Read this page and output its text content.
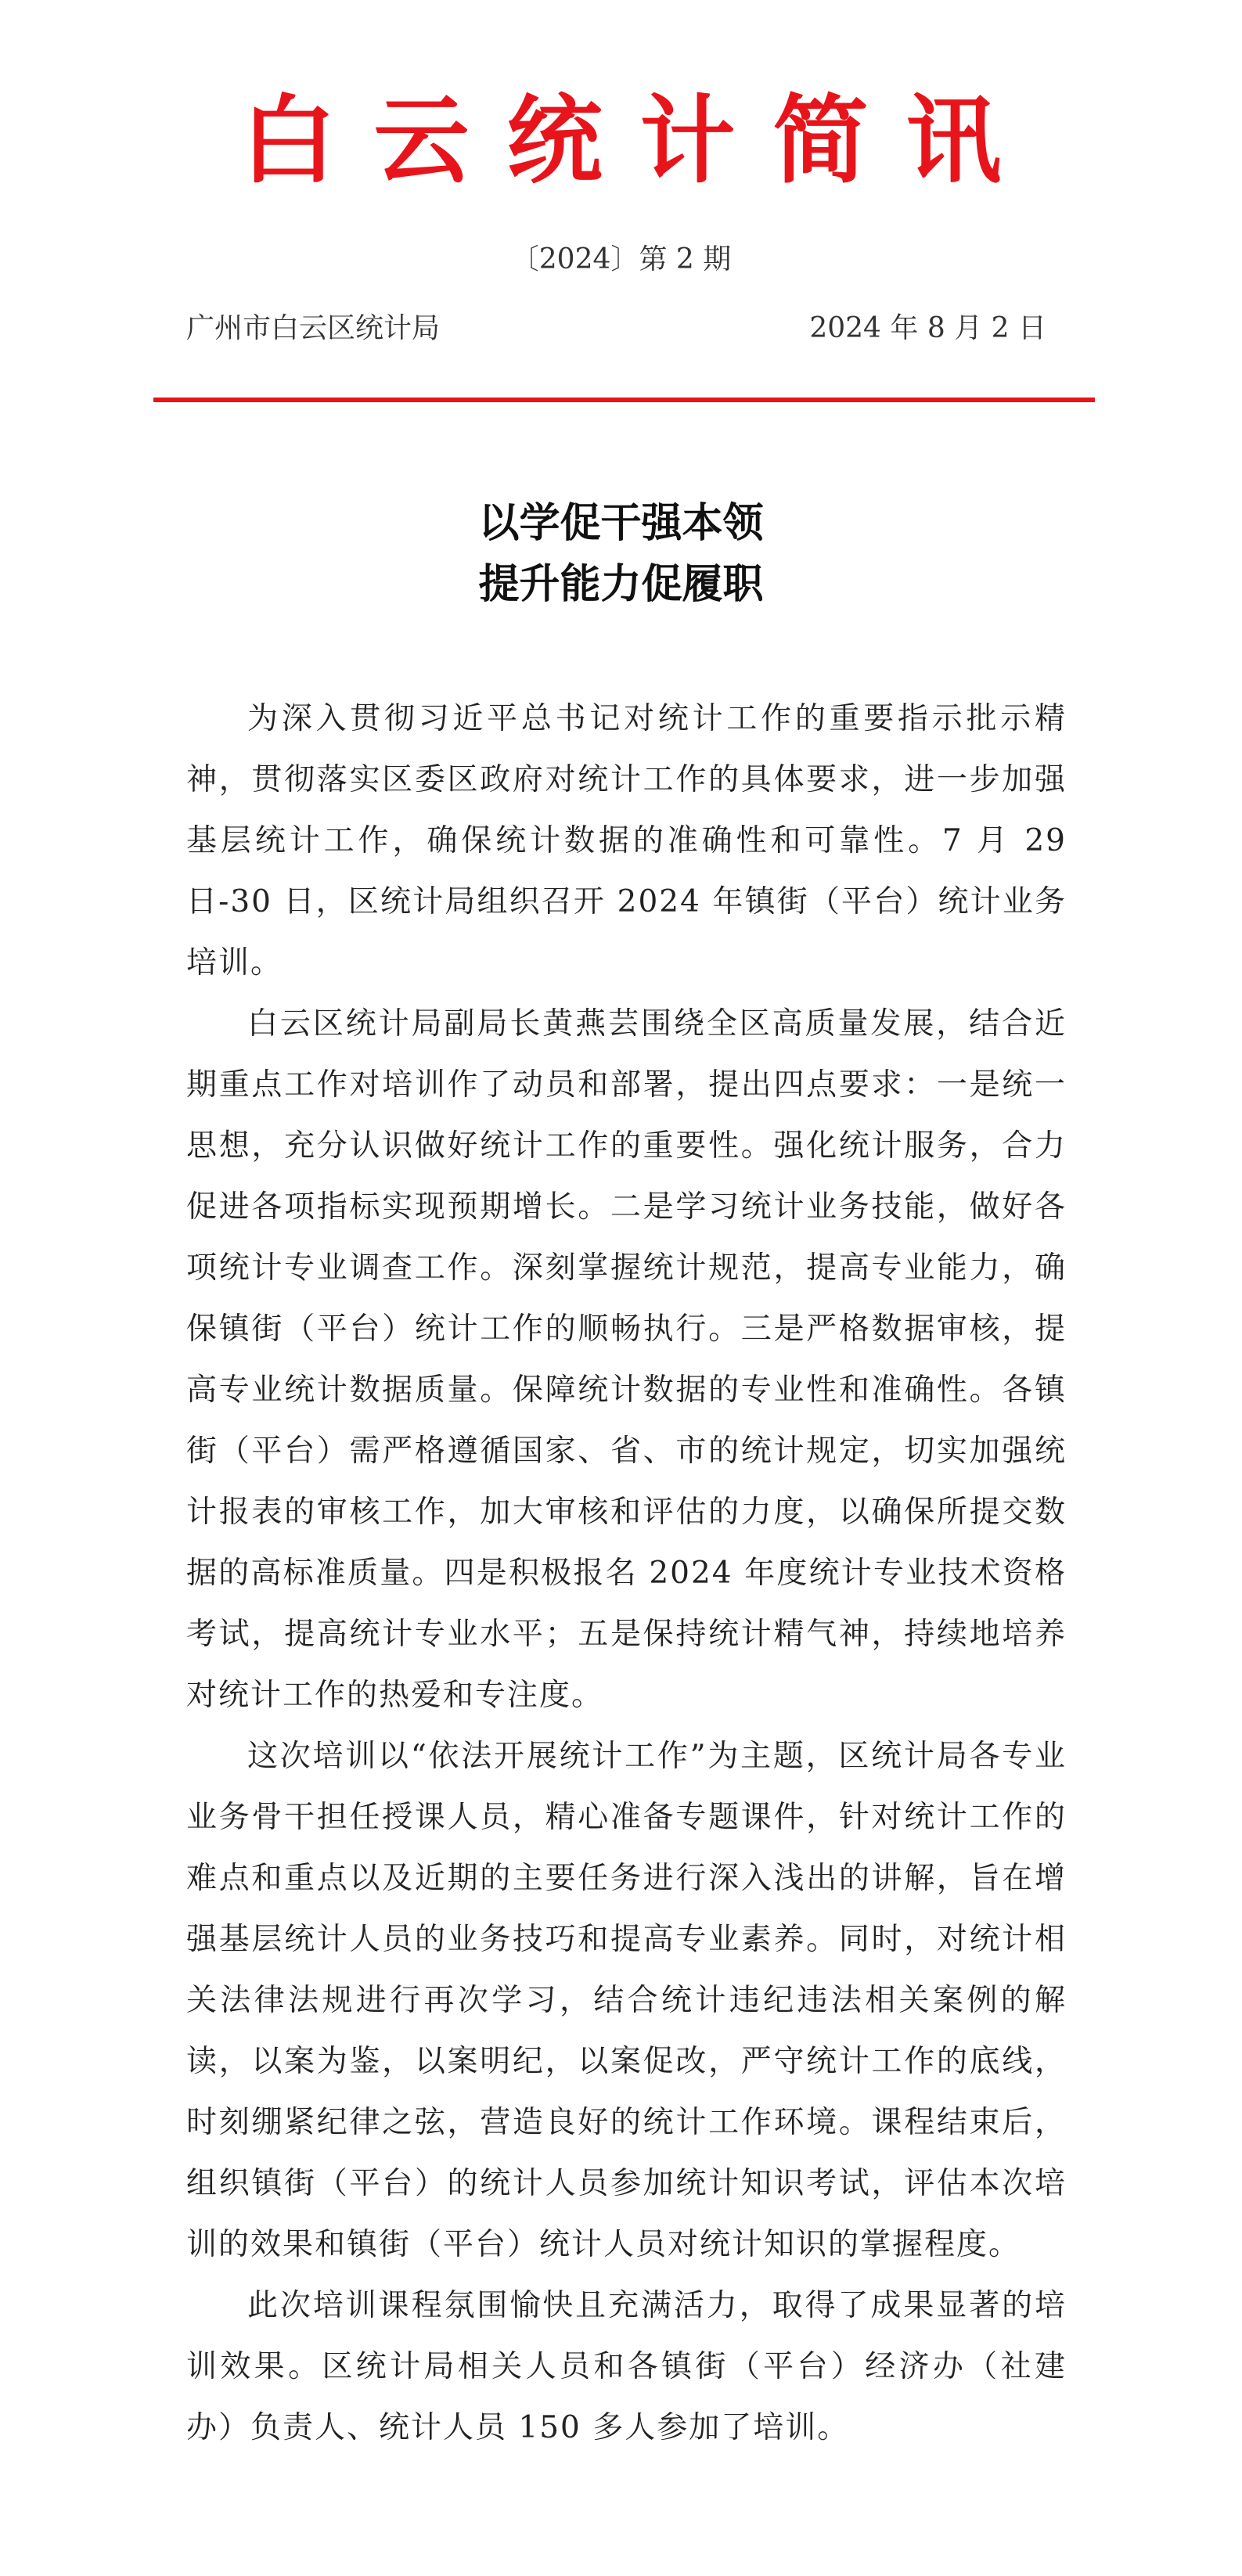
白云统计简讯
〔2024〕第 2 期
广州市白云区统计局	2024 年 8 月 2 日
以学促干强本领
提升能力促履职

为深入贯彻习近平总书记对统计工作的重要指示批示精神，贯彻落实区委区政府对统计工作的具体要求，进一步加强基层统计工作，确保统计数据的准确性和可靠性。7 月 29 日-30 日，区统计局组织召开 2024 年镇街（平台）统计业务培训。

白云区统计局副局长黄燕芸围绕全区高质量发展，结合近期重点工作对培训作了动员和部署，提出四点要求：一是统一思想，充分认识做好统计工作的重要性。强化统计服务，合力促进各项指标实现预期增长。二是学习统计业务技能，做好各项统计专业调查工作。深刻掌握统计规范，提高专业能力，确保镇街（平台）统计工作的顺畅执行。三是严格数据审核，提高专业统计数据质量。保障统计数据的专业性和准确性。各镇街（平台）需严格遵循国家、省、市的统计规定，切实加强统计报表的审核工作，加大审核和评估的力度，以确保所提交数据的高标准质量。四是积极报名 2024 年度统计专业技术资格考试，提高统计专业水平；五是保持统计精气神，持续地培养对统计工作的热爱和专注度。

这次培训以“依法开展统计工作”为主题，区统计局各专业业务骨干担任授课人员，精心准备专题课件，针对统计工作的难点和重点以及近期的主要任务进行深入浅出的讲解，旨在增强基层统计人员的业务技巧和提高专业素养。同时，对统计相关法律法规进行再次学习，结合统计违纪违法相关案例的解读，以案为鉴，以案明纪，以案促改，严守统计工作的底线，时刻绷紧纪律之弦，营造良好的统计工作环境。课程结束后，组织镇街（平台）的统计人员参加统计知识考试，评估本次培训的效果和镇街（平台）统计人员对统计知识的掌握程度。

此次培训课程氛围愉快且充满活力，取得了成果显著的培训效果。区统计局相关人员和各镇街（平台）经济办（社建办）负责人、统计人员 150 多人参加了培训。
